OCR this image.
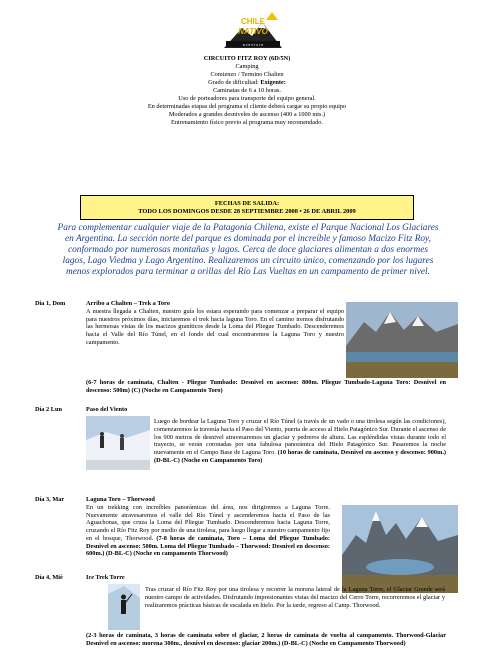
CHILE
NATIVO
a v e n t u r e
CIRCUITO FITZ ROY (6D/5N)
Camping
Comienzo / Termino Chalten
Grado de dificultad: Exigente:
Caminatas de 6 a 10 horas.
Uso de porteadores para transporte del equipo general.
En determinadas etapas del programa el cliente deberá cargar su propio equipo
Moderados a grandes desniveles de ascenso (400 a 1000 mts.)
Entrenamiento físico previo al programa muy recomendado.
FECHAS DE SALIDA:
TODO LOS DOMINGOS DESDE 28 SEPTIEMBRE 2008 • 26 DE ABRIL 2009
Para complementar cualquier viaje de la Patagonia Chilena, existe el Parque Nacional Los Glaciares en Argentina. La sección norte del parque es dominada por el increíble y famoso Macizo Fitz Roy, conformado por numerosas montañas y lagos. Cerca de doce glaciares alimentan a dos enormes lagos, Lago Viedma y Lago Argentino. Realizaremos un circuito único, comenzando por los lugares menos explorados para terminar a orillas del Río Las Vueltas en un campamento de primer nivel.
Día 1, Dom	Arribo a Chalten – Trek a Toro
A nuestra llegada a Chalten, nuestro guía los estara esperando para comenzar a preparar el equipo para nuestros próximos días, iniciaremos el trek hacia laguna Toro. En el camino iremos disfrutando las hermosas vistas de los macizos graníticos desde la Loma del Pliegue Tumbado. Descenderemos hacia el Valle del Río Túnel, en el fondo del cual encontraremos la Laguna Toro y nuestro campamento.
(6-7 horas de caminata, Chalten - Pliegue Tumbado: Desnivel en ascenso: 800m. Pliegue Tumbado-Laguna Toro: Desnivel en descenso: 500m) (C) (Noche en Campamento Toro)
Día 2 Lun	Paso del Viento
Luego de bordear la Laguna Toro y cruzar el Río Túnel (a través de un vado o una tirolesa según las condiciones), comenzaremos la travesía hacia el Paso del Viento, puerta de acceso al Hielo Patagónico Sur. Durante el ascenso de los 900 metros de desnivel atravesaremos un glaciar y pedreros de altura. Las espléndidas vistas durante todo el trayecto, se verán coronadas por una fabulosa panorámica del Hielo Patagónico Sur. Pasaremos la noche nuevamente en el Campo Base de Laguna Toro. (10 horas de caminata, Desnivel en ascenso y descenso: 900m.) (D-BL-C) (Noche en Campamento Toro)
Día 3, Mar	Laguna Toro – Thorwood
En un trekking con increíbles panorámicas del área, nos dirigiremos a Laguna Torre. Nuevamente atravesaremos el valle del Río Túnel y ascenderemos hacia el Paso de las Aguachonas, que cruza la Loma del Pliegue Tumbado. Descenderemos hacia Laguna Torre, cruzando el Río Fitz Roy por medio de una tirolesa, para luego llegar a nuestro campamento fijo en el bosque, Thorwood. (7-8 horas de caminata, Toro – Loma del Pliegue Tumbado: Desnivel en ascenso: 500m. Loma del Pliegue Tumbado – Thorwood: Desnivel en descenso: 600m.) (D-BL-C) (Noche en campamento Thorwood)
Día 4, Mié	Ice Trek Torre
Tras cruzar el Río Fitz Roy por una tirolesa y recorrer la morena lateral de la Laguna Torre, el Glaciar Grande será nuestro campo de actividades. Disfrutando impresionantes vistas del macizo del Cerro Torre, recorreremos el glaciar y realizaremos prácticas básicas de escalada en hielo. Por la tarde, regreso al Camp. Thorwood.
(2-3 horas de caminata, 3 horas de caminata sobre el glaciar, 2 horas de caminata de vuelta al campamento. Thorwood-Glaciar Desnivel en ascenso: morena 300m., desnivel en descenso: glaciar 200m.) (D-BL-C) (Noche en Campamento Thorwood)
